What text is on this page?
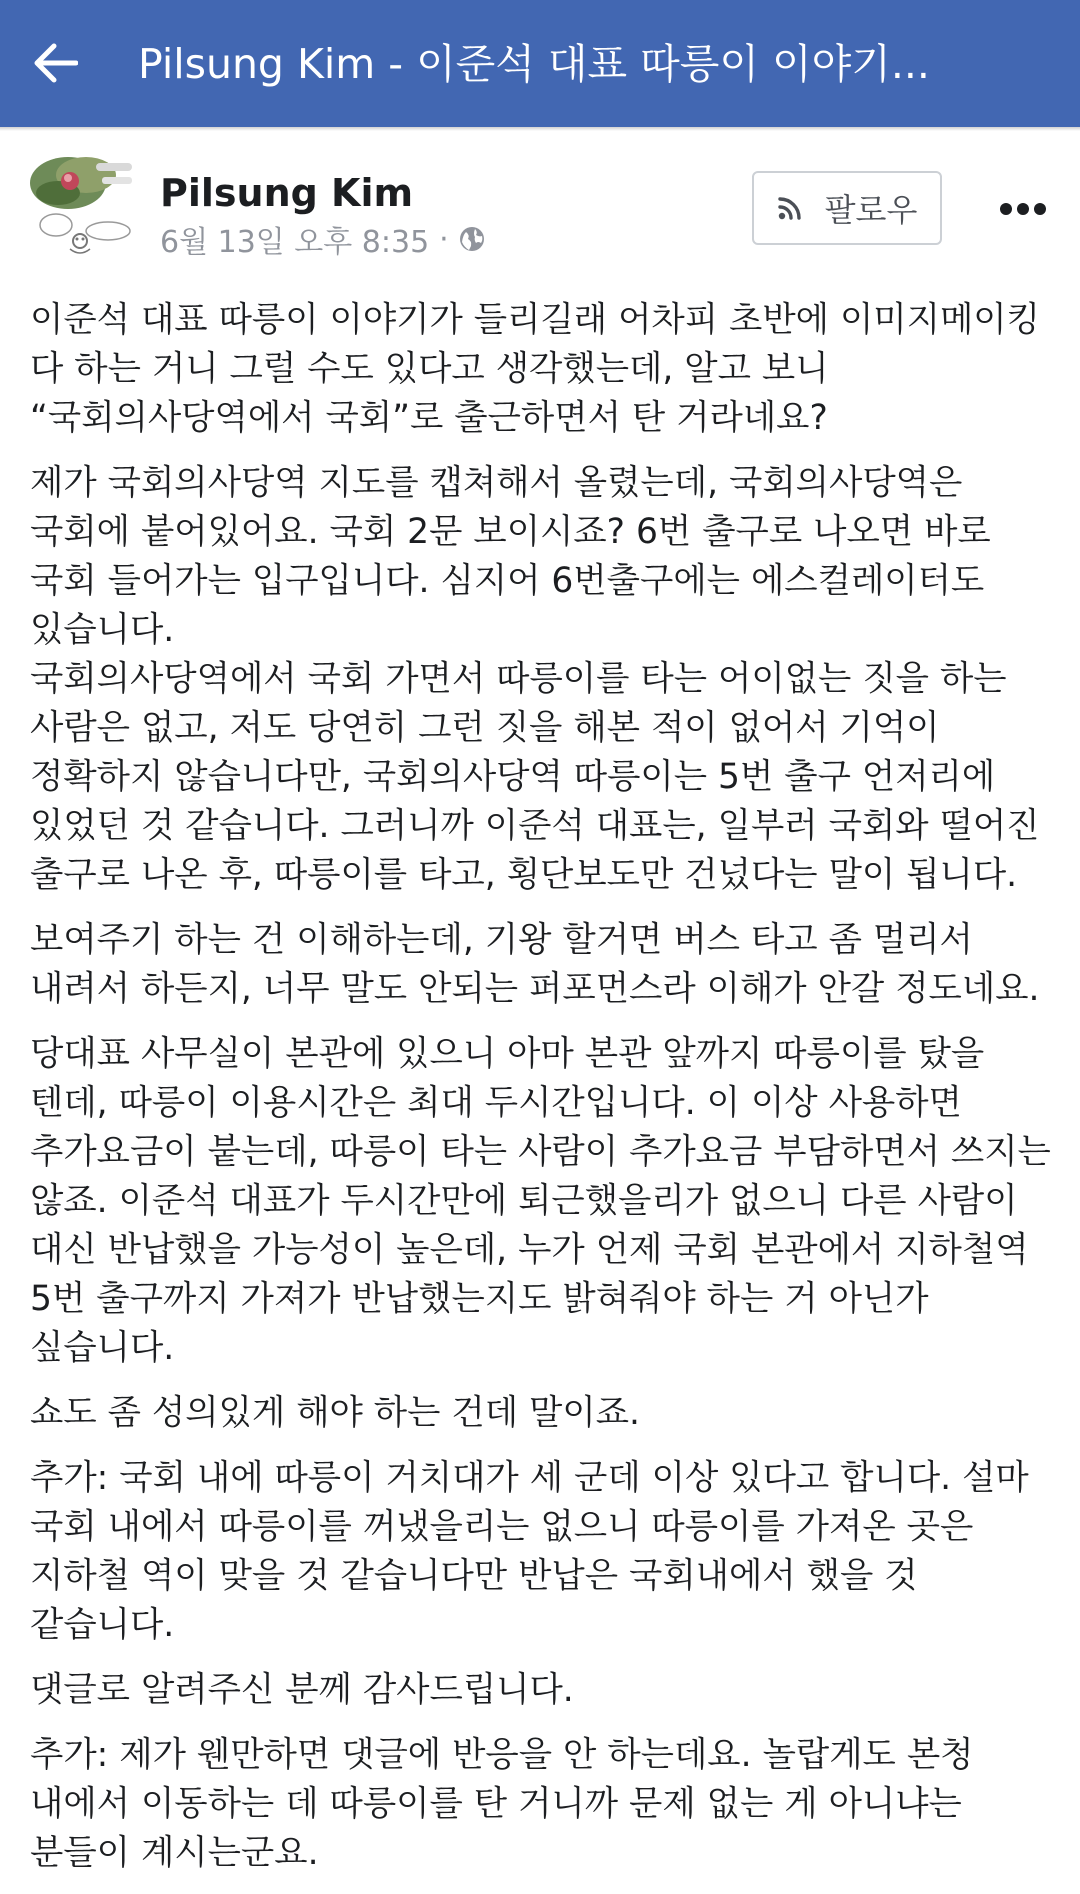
Pilsung Kim - 이준석 대표 따릉이 이야기...
Pilsung Kim
6월 13일 오후 8:35 ·
팔로우

이준석 대표 따릉이 이야기가 들리길래 어차피 초반에 이미지메이킹 다 하는 거니 그럴 수도 있다고 생각했는데, 알고 보니 “국회의사당역에서 국회”로 출근하면서 탄 거라네요?

제가 국회의사당역 지도를 캡쳐해서 올렸는데, 국회의사당역은 국회에 붙어있어요. 국회 2문 보이시죠? 6번 출구로 나오면 바로 국회 들어가는 입구입니다. 심지어 6번출구에는 에스컬레이터도 있습니다.
국회의사당역에서 국회 가면서 따릉이를 타는 어이없는 짓을 하는 사람은 없고, 저도 당연히 그런 짓을 해본 적이 없어서 기억이 정확하지 않습니다만, 국회의사당역 따릉이는 5번 출구 언저리에 있었던 것 같습니다. 그러니까 이준석 대표는, 일부러 국회와 떨어진 출구로 나온 후, 따릉이를 타고, 횡단보도만 건넜다는 말이 됩니다.

보여주기 하는 건 이해하는데, 기왕 할거면 버스 타고 좀 멀리서 내려서 하든지, 너무 말도 안되는 퍼포먼스라 이해가 안갈 정도네요.

당대표 사무실이 본관에 있으니 아마 본관 앞까지 따릉이를 탔을 텐데, 따릉이 이용시간은 최대 두시간입니다. 이 이상 사용하면 추가요금이 붙는데, 따릉이 타는 사람이 추가요금 부담하면서 쓰지는 않죠. 이준석 대표가 두시간만에 퇴근했을리가 없으니 다른 사람이 대신 반납했을 가능성이 높은데, 누가 언제 국회 본관에서 지하철역 5번 출구까지 가져가 반납했는지도 밝혀줘야 하는 거 아닌가 싶습니다.

쇼도 좀 성의있게 해야 하는 건데 말이죠.

추가: 국회 내에 따릉이 거치대가 세 군데 이상 있다고 합니다. 설마 국회 내에서 따릉이를 꺼냈을리는 없으니 따릉이를 가져온 곳은 지하철 역이 맞을 것 같습니다만 반납은 국회내에서 했을 것 같습니다.

댓글로 알려주신 분께 감사드립니다.

추가: 제가 웬만하면 댓글에 반응을 안 하는데요. 놀랍게도 본청 내에서 이동하는 데 따릉이를 탄 거니까 문제 없는 게 아니냐는 분들이 계시는군요.
